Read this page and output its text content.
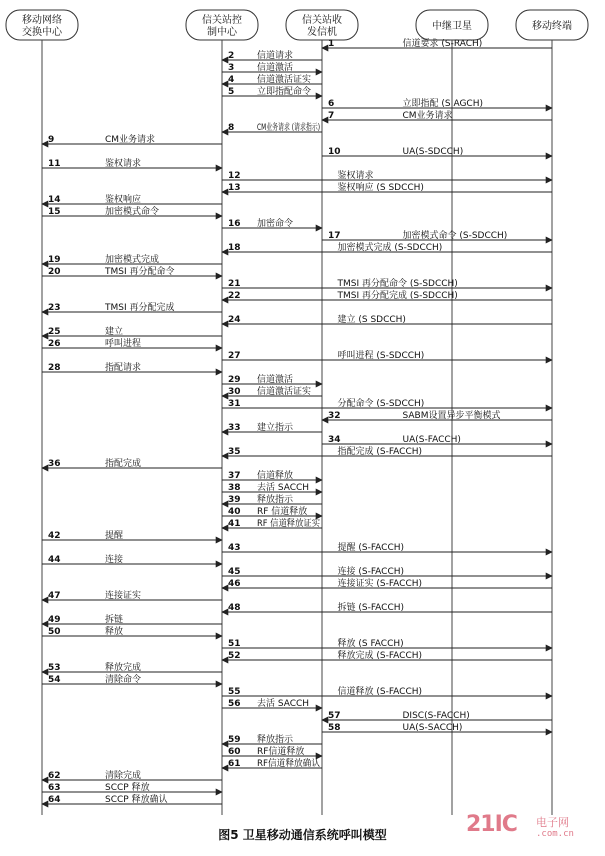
移动网络
交换中心
信关站控
制中心
信关站收
发信机
中继卫星	移动终端
1	信道要求 (S-RACH)
2	信道请求
3	信道激活
4	信道激活证实
5	立即指配命令
6	立即指配 (S AGCH)
7	CM业务请求
8	CM业务请求 (请求指示)
9	CM业务请求
10	UA(S-SDCCH)
11	鉴权请求
12	鉴权请求
13	鉴权响应 (S SDCCH)
14	鉴权响应
15	加密模式命令
16 加密命令
17	加密模式命令 (S-SDCCH)
18	加密模式完成 (S-SDCCH)
19	加密模式完成
20	TMSI 再分配命令
21	TMSI 再分配命令 (S-SDCCH)
22	TMSI 再分配完成 (S-SDCCH)
23	TMSI 再分配完成
24	建立 (S SDCCH)
25	建立
26	呼叫进程
27	呼叫进程 (S-SDCCH)
28	指配请求
29 信道激活
30 信道激活证实
31	分配命令 (S-SDCCH)
32	SABM设置异步平衡模式
33 建立指示
34	UA(S-FACCH)
35	指配完成 (S-FACCH)
36	指配完成
37 信道释放
38 去活 SACCH
39 释放指示
40 RF 信道释放
41 RF 信道释放证实
42	提醒
43	提醒 (S-FACCH)
44	连接
45	连接 (S-FACCH)
46	连接证实 (S-FACCH)
47	连接证实
48	拆链 (S-FACCH)
49	拆链
50	释放
51	释放 (S FACCH)
52	释放完成 (S-FACCH)
53	释放完成
54	清除命令
55	信道释放 (S-FACCH)
56 去活 SACCH
57	DISC(S-FACCH)
58	UA(S-SACCH)
59 释放指示
60 RF信道释放
61 RF信道释放确认
62	清除完成
63	SCCP 释放
64	SCCP 释放确认
图5 卫星移动通信系统呼叫模型	21IC 电子网
.com.cn
